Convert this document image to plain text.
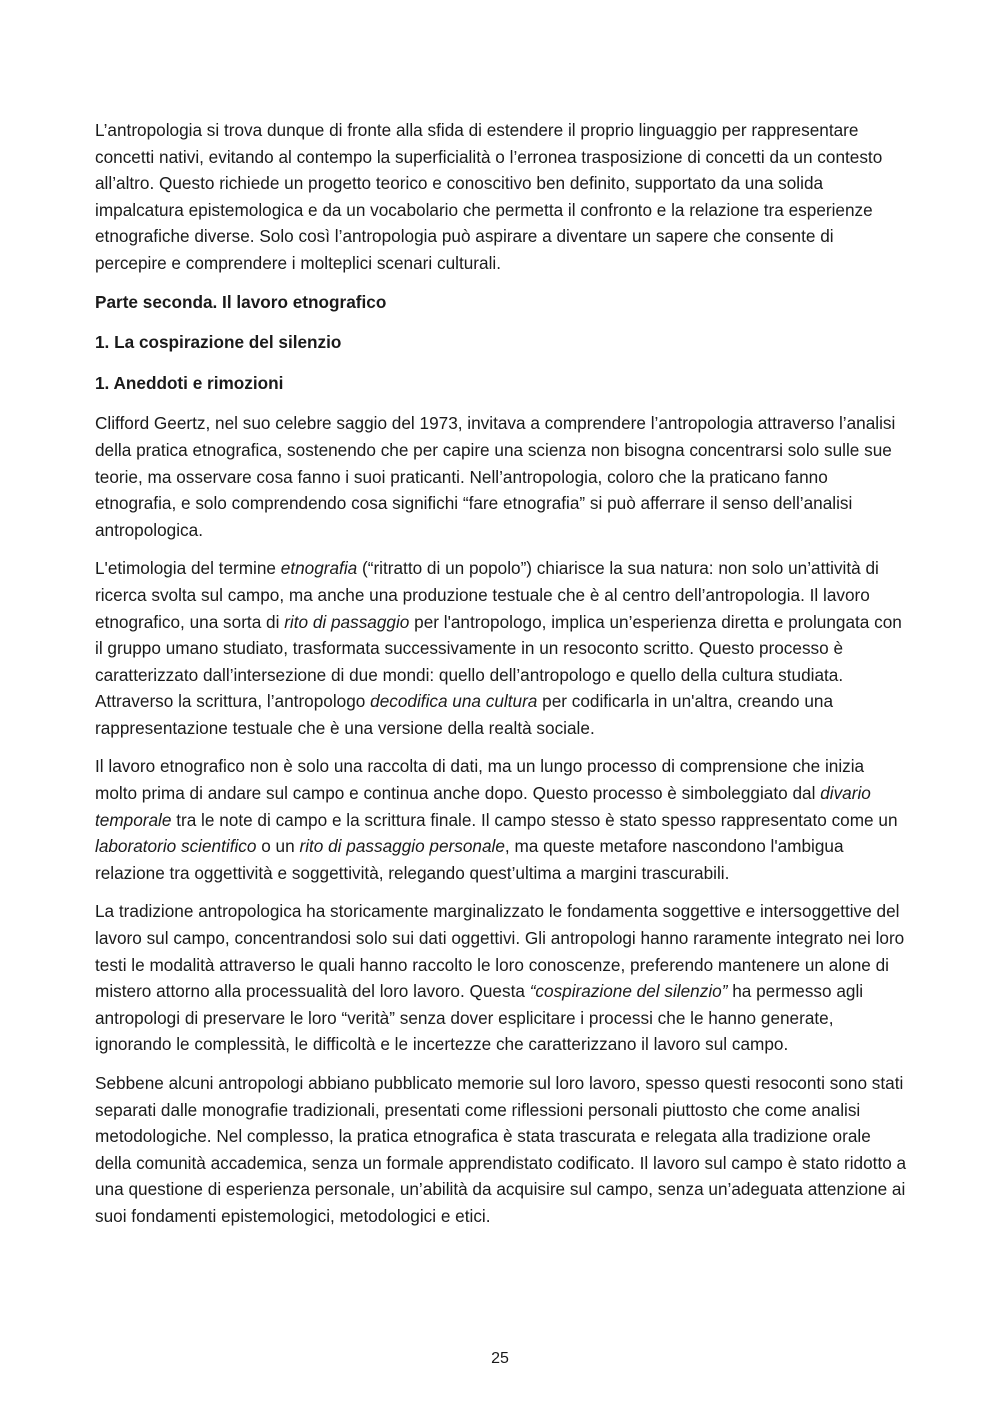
L’antropologia si trova dunque di fronte alla sfida di estendere il proprio linguaggio per rappresentare concetti nativi, evitando al contempo la superficialità o l’erronea trasposizione di concetti da un contesto all’altro. Questo richiede un progetto teorico e conoscitivo ben definito, supportato da una solida impalcatura epistemologica e da un vocabolario che permetta il confronto e la relazione tra esperienze etnografiche diverse. Solo così l’antropologia può aspirare a diventare un sapere che consente di percepire e comprendere i molteplici scenari culturali.

Parte seconda. Il lavoro etnografico

1. La cospirazione del silenzio

1. Aneddoti e rimozioni

Clifford Geertz, nel suo celebre saggio del 1973, invitava a comprendere l’antropologia attraverso l’analisi della pratica etnografica, sostenendo che per capire una scienza non bisogna concentrarsi solo sulle sue teorie, ma osservare cosa fanno i suoi praticanti. Nell’antropologia, coloro che la praticano fanno etnografia, e solo comprendendo cosa significhi “fare etnografia” si può afferrare il senso dell’analisi antropologica.

L'etimologia del termine etnografia (“ritratto di un popolo”) chiarisce la sua natura: non solo un’attività di ricerca svolta sul campo, ma anche una produzione testuale che è al centro dell’antropologia. Il lavoro etnografico, una sorta di rito di passaggio per l'antropologo, implica un’esperienza diretta e prolungata con il gruppo umano studiato, trasformata successivamente in un resoconto scritto. Questo processo è caratterizzato dall’intersezione di due mondi: quello dell’antropologo e quello della cultura studiata. Attraverso la scrittura, l’antropologo decodifica una cultura per codificarla in un'altra, creando una rappresentazione testuale che è una versione della realtà sociale.

Il lavoro etnografico non è solo una raccolta di dati, ma un lungo processo di comprensione che inizia molto prima di andare sul campo e continua anche dopo. Questo processo è simboleggiato dal divario temporale tra le note di campo e la scrittura finale. Il campo stesso è stato spesso rappresentato come un laboratorio scientifico o un rito di passaggio personale, ma queste metafore nascondono l'ambigua relazione tra oggettività e soggettività, relegando quest’ultima a margini trascurabili.

La tradizione antropologica ha storicamente marginalizzato le fondamenta soggettive e intersoggettive del lavoro sul campo, concentrandosi solo sui dati oggettivi. Gli antropologi hanno raramente integrato nei loro testi le modalità attraverso le quali hanno raccolto le loro conoscenze, preferendo mantenere un alone di mistero attorno alla processualità del loro lavoro. Questa “cospirazione del silenzio” ha permesso agli antropologi di preservare le loro “verità” senza dover esplicitare i processi che le hanno generate, ignorando le complessità, le difficoltà e le incertezze che caratterizzano il lavoro sul campo.

Sebbene alcuni antropologi abbiano pubblicato memorie sul loro lavoro, spesso questi resoconti sono stati separati dalle monografie tradizionali, presentati come riflessioni personali piuttosto che come analisi metodologiche. Nel complesso, la pratica etnografica è stata trascurata e relegata alla tradizione orale della comunità accademica, senza un formale apprendistato codificato. Il lavoro sul campo è stato ridotto a una questione di esperienza personale, un’abilità da acquisire sul campo, senza un’adeguata attenzione ai suoi fondamenti epistemologici, metodologici e etici.

25
